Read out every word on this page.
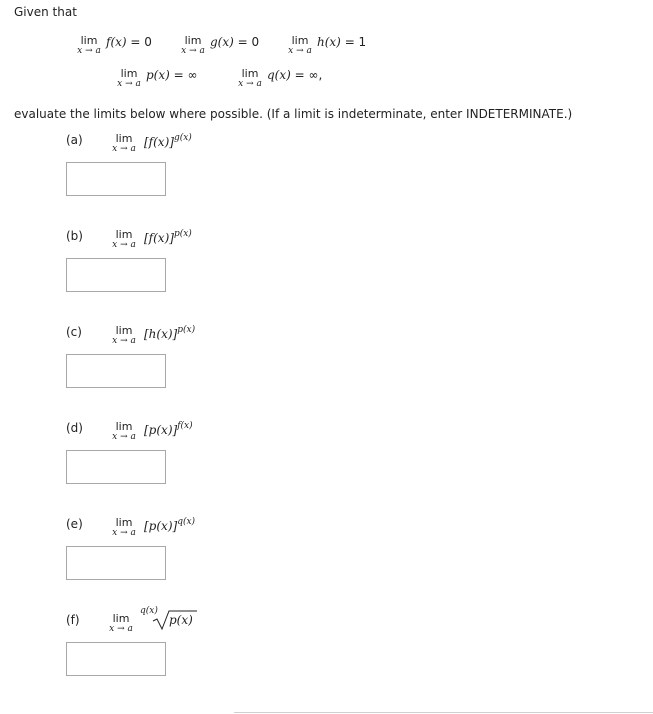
Given that
lim
x → a
f(x) = 0	lim
x → a
g(x) = 0	lim
x → a
h(x) = 1
lim
x → a
p(x) = ∞	lim
x → a
q(x) = ∞,
evaluate the limits below where possible. (If a limit is indeterminate, enter INDETERMINATE.)
(a)	lim
x → a $[f(x)]^{g(x)}$
(b)	lim
x → a $[f(x)]^{p(x)}$
(c)	lim
x → a $[h(x)]^{p(x)}$
(d)	lim
x → a $[p(x)]^{f(x)}$
(e)	lim
x → a $[p(x)]^{q(x)}$
(f)	lim
x → a
q(x)
p(x)
